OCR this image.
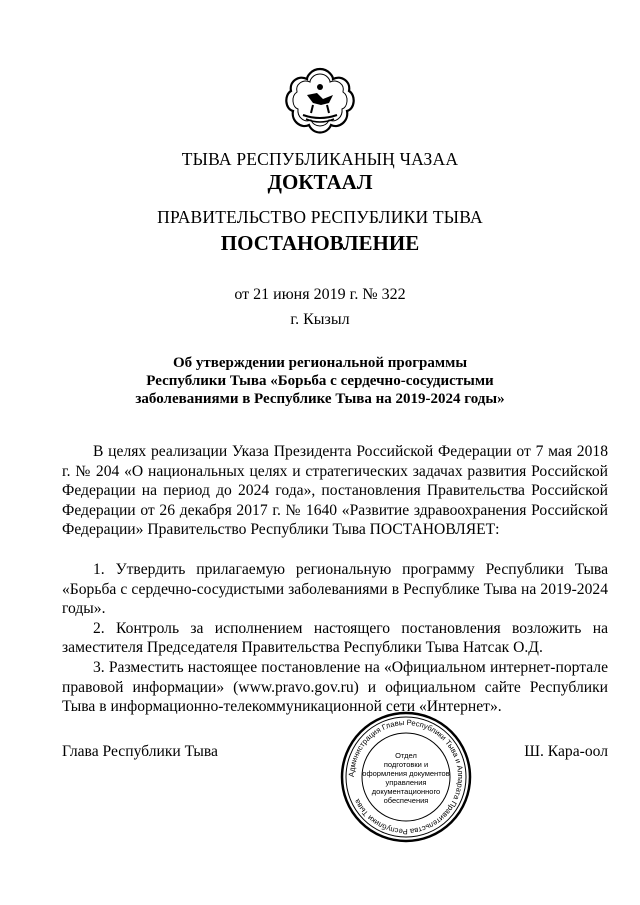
ТЫВА РЕСПУБЛИКАНЫҢ ЧАЗАА
ДОКТААЛ
ПРАВИТЕЛЬСТВО РЕСПУБЛИКИ ТЫВА
ПОСТАНОВЛЕНИЕ
от 21 июня 2019 г. № 322
г. Кызыл
Об утверждении региональной программы
Республики Тыва «Борьба с сердечно-сосудистыми
заболеваниями в Республике Тыва на 2019-2024 годы»

В целях реализации Указа Президента Российской Федерации от 7 мая 2018 г. № 204 «О национальных целях и стратегических задачах развития Российской Федерации на период до 2024 года», постановления Правительства Российской Федерации от 26 декабря 2017 г. № 1640 «Развитие здравоохранения Российской Федерации» Правительство Республики Тыва ПОСТАНОВЛЯЕТ:

1. Утвердить прилагаемую региональную программу Республики Тыва «Борьба с сердечно-сосудистыми заболеваниями в Республике Тыва на 2019-2024 годы».

2. Контроль за исполнением настоящего постановления возложить на заместителя Председателя Правительства Республики Тыва Натсак О.Д.

3. Разместить настоящее постановление на «Официальном интернет-портале правовой информации» (www.pravo.gov.ru) и официальном сайте Республики Тыва в информационно-телекоммуникационной сети «Интернет».

Глава Республики Тыва	Ш. Кара-оол
Администрация Главы Республики Тыва и Аппарата Правительства Республики Тыва
Отдел
подготовки и
оформления документов
управления
документационного
обеспечения
